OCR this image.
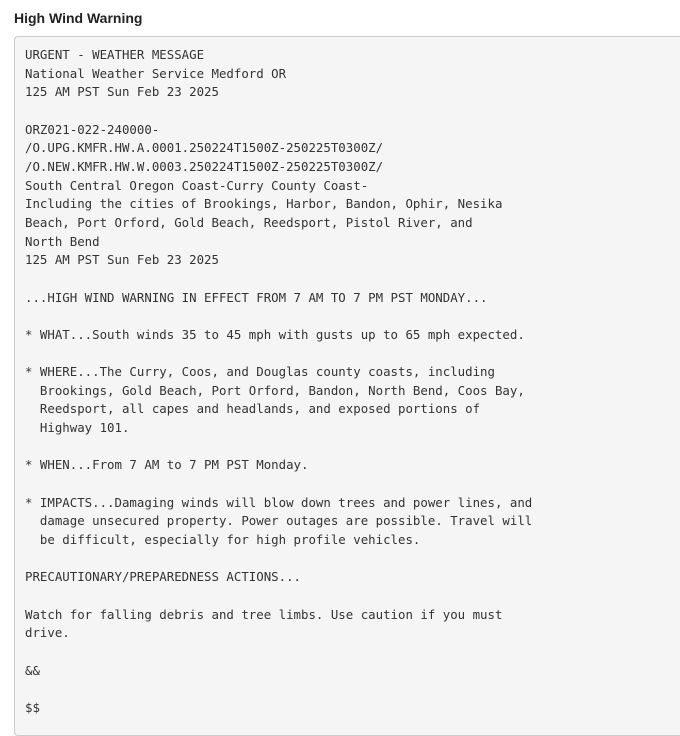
High Wind Warning
URGENT - WEATHER MESSAGE
National Weather Service Medford OR
125 AM PST Sun Feb 23 2025

ORZ021-022-240000-
/O.UPG.KMFR.HW.A.0001.250224T1500Z-250225T0300Z/
/O.NEW.KMFR.HW.W.0003.250224T1500Z-250225T0300Z/
South Central Oregon Coast-Curry County Coast-
Including the cities of Brookings, Harbor, Bandon, Ophir, Nesika
Beach, Port Orford, Gold Beach, Reedsport, Pistol River, and
North Bend
125 AM PST Sun Feb 23 2025

...HIGH WIND WARNING IN EFFECT FROM 7 AM TO 7 PM PST MONDAY...

* WHAT...South winds 35 to 45 mph with gusts up to 65 mph expected.

* WHERE...The Curry, Coos, and Douglas county coasts, including
Brookings, Gold Beach, Port Orford, Bandon, North Bend, Coos Bay,
Reedsport, all capes and headlands, and exposed portions of
Highway 101.

* WHEN...From 7 AM to 7 PM PST Monday.

* IMPACTS...Damaging winds will blow down trees and power lines, and
damage unsecured property. Power outages are possible. Travel will
be difficult, especially for high profile vehicles.

PRECAUTIONARY/PREPAREDNESS ACTIONS...

Watch for falling debris and tree limbs. Use caution if you must
drive.

&&

$$
